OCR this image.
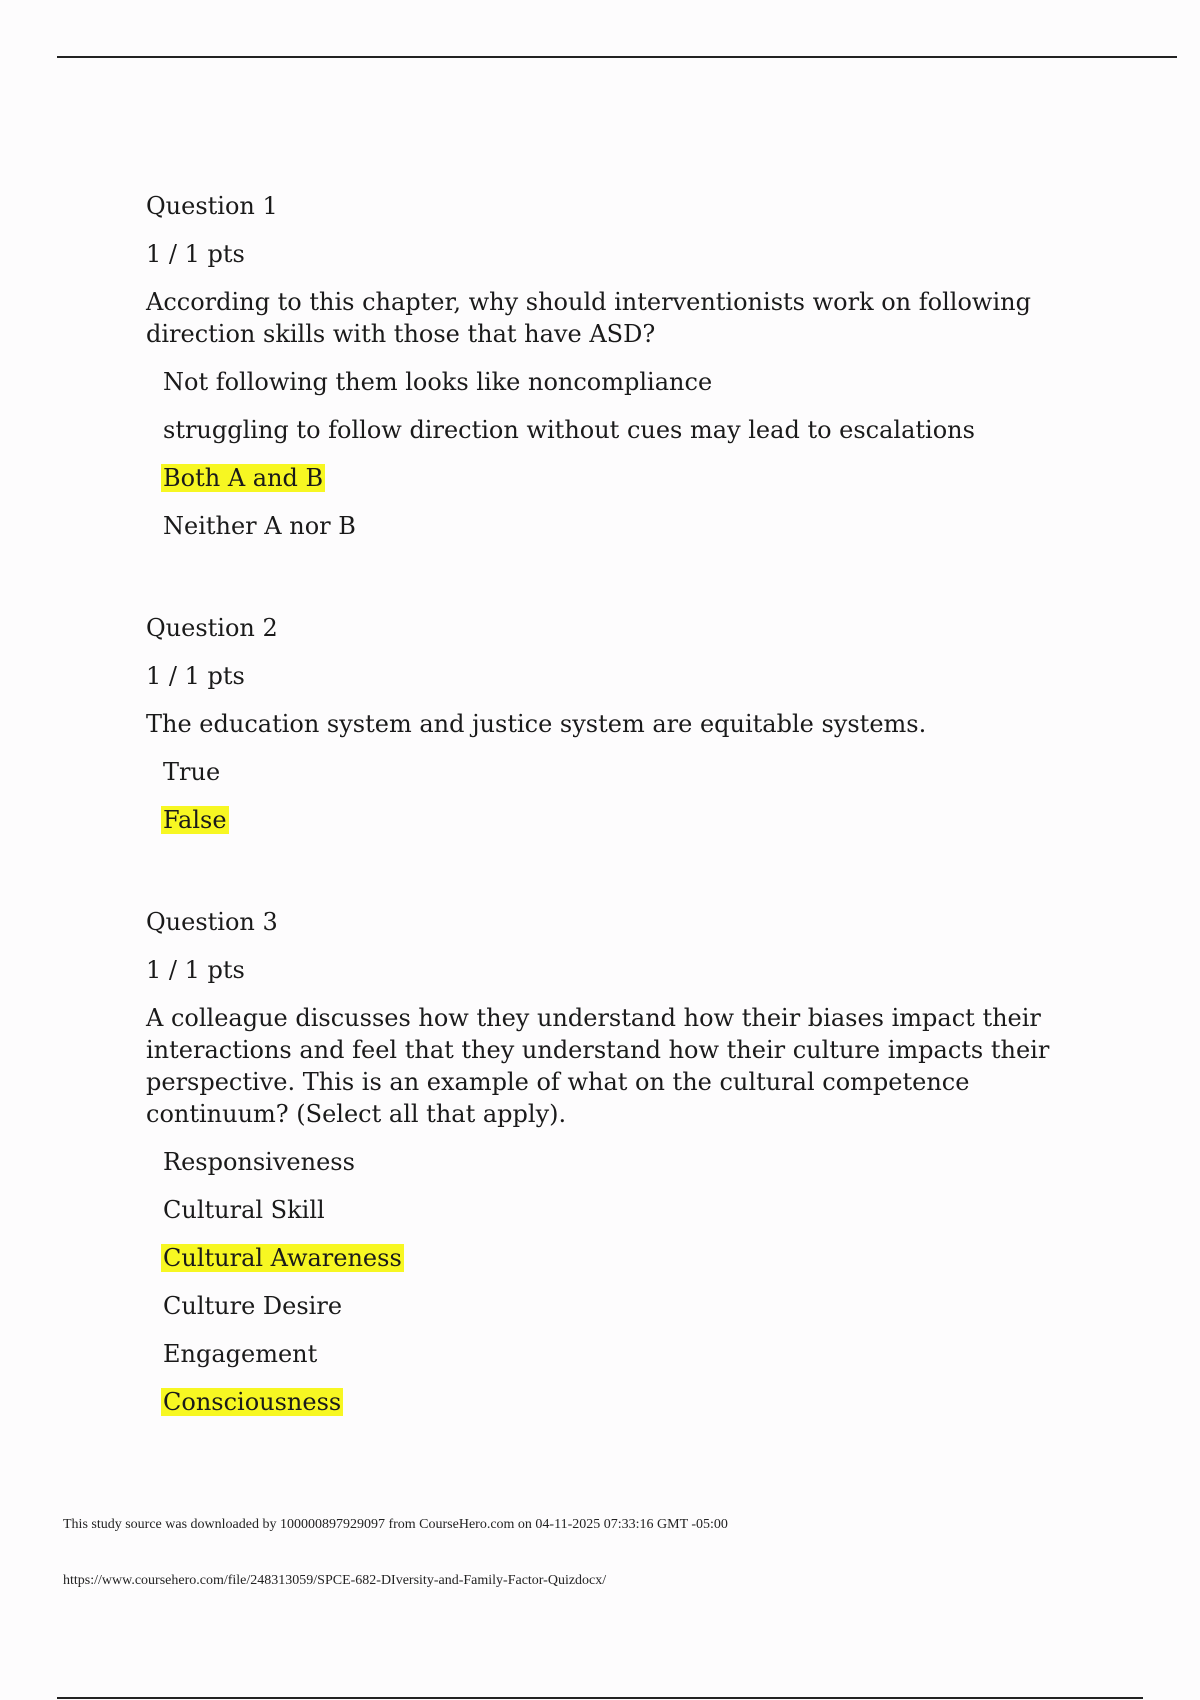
Question 1
1 / 1 pts
According to this chapter, why should interventionists work on following direction skills with those that have ASD?
Not following them looks like noncompliance
struggling to follow direction without cues may lead to escalations
Both A and B
Neither A nor B
Question 2
1 / 1 pts
The education system and justice system are equitable systems.
True
False
Question 3
1 / 1 pts
A colleague discusses how they understand how their biases impact their interactions and feel that they understand how their culture impacts their perspective. This is an example of what on the cultural competence continuum? (Select all that apply).
Responsiveness
Cultural Skill
Cultural Awareness
Culture Desire
Engagement
Consciousness
This study source was downloaded by 100000897929097 from CourseHero.com on 04-11-2025 07:33:16 GMT -05:00
https://www.coursehero.com/file/248313059/SPCE-682-DIversity-and-Family-Factor-Quizdocx/
